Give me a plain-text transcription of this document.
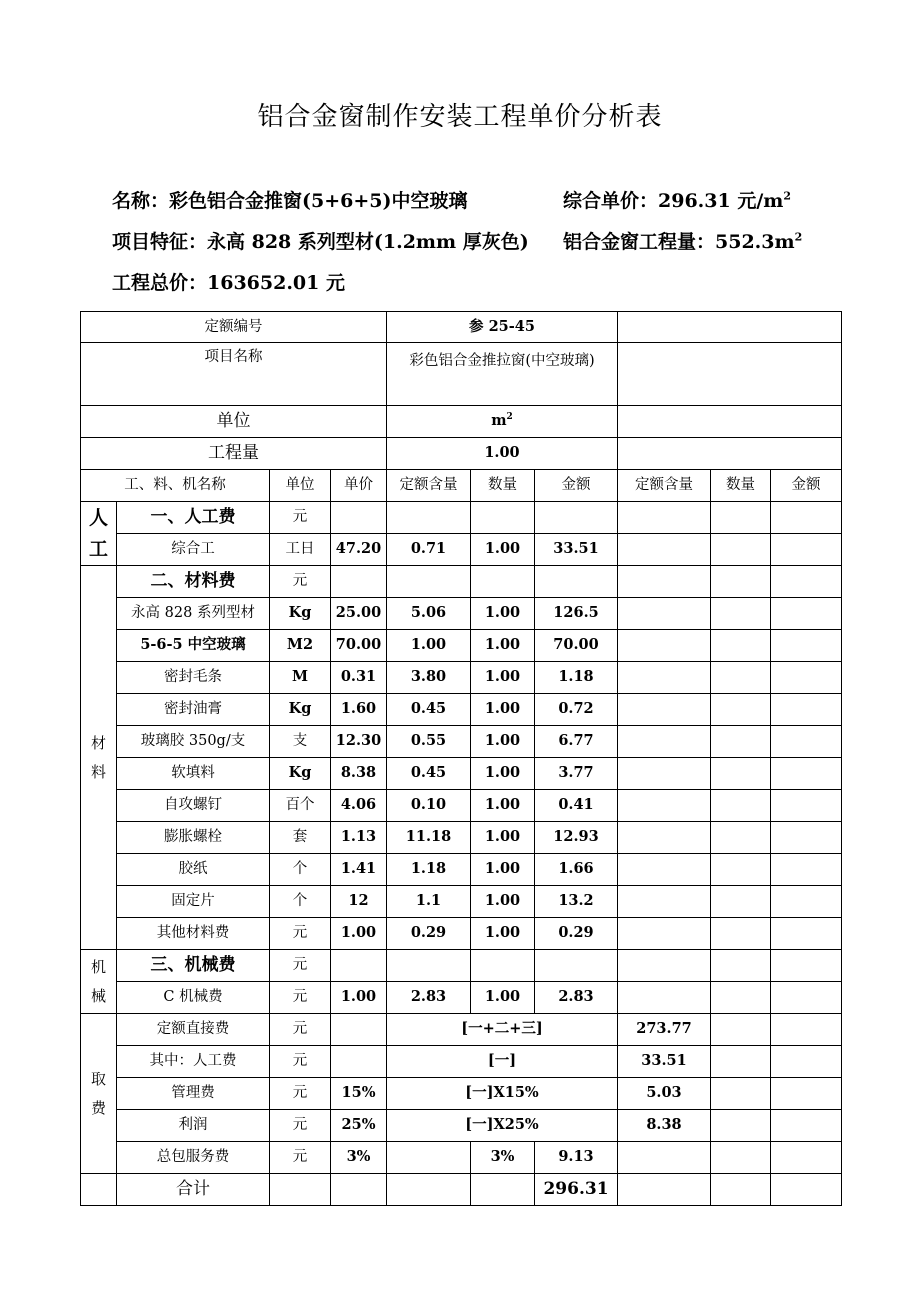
铝合金窗制作安装工程单价分析表
名称：彩色铝合金推窗(5+6+5)中空玻璃	综合单价：296.31 元$/m^2$
项目特征：永高 828 系列型材(1.2mm 厚灰色) 铝合金窗工程量：$552.3m^2$
工程总价：163652.01 元
定额编号				参 25-45						
项目名称				彩色铝合金推拉窗(中空玻璃)						
单位				$m^2$	
工程量				1.00						
工、料、机名称		单位	单价	定额含量	数量	金额	定额含量	数量	金额	
人工	一、人工费	元								
	综合工	工日	47.20	0.71	1.00	33.51				
材料	二、材料费	元								
	永高 828 系列型材	Kg	25.00	5.06	1.00	126.5				
	5-6-5 中空玻璃	M2	70.00	1.00	1.00	70.00				
	密封毛条	M	0.31	3.80	1.00	1.18				
	密封油膏	Kg	1.60	0.45	1.00	0.72				
	玻璃胶 350g/支	支	12.30	0.55	1.00	6.77				
	软填料	Kg	8.38	0.45	1.00	3.77				
	自攻螺钉	百个	4.06	0.10	1.00	0.41				
	膨胀螺栓	套	1.13	11.18	1.00	12.93				
	胶纸	个	1.41	1.18	1.00	1.66				
	固定片	个	12	1.1	1.00	13.2				
	其他材料费	元	1.00	0.29	1.00	0.29				
机械	三、机械费	元								
	C 机械费	元	1.00	2.83	1.00	2.83				
取费	定额直接费	元		[一+二+三]			273.77			
	其中：人工费	元		[一]			33.51			
	管理费	元	15%	[一]X15%			5.03			
	利润	元	25%	[一]X25%			8.38			
	总包服务费	元	3%		3%	9.13				
	合计					296.31				
